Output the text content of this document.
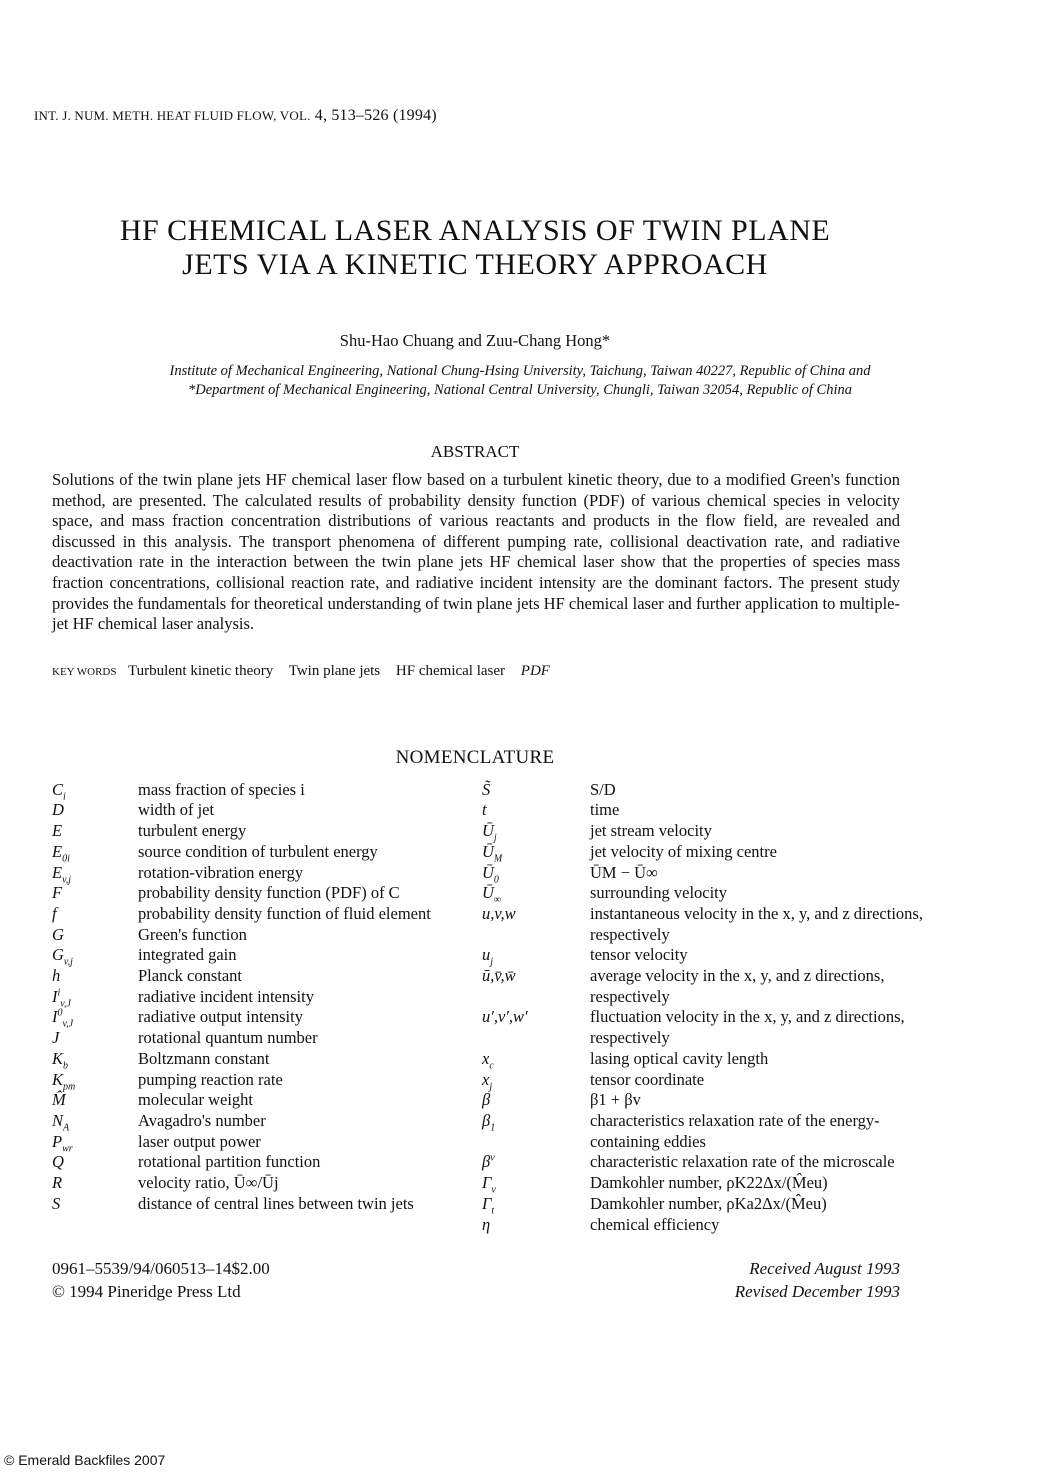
INT. J. NUM. METH. HEAT FLUID FLOW, VOL. 4, 513–526 (1994)
HF CHEMICAL LASER ANALYSIS OF TWIN PLANE
JETS VIA A KINETIC THEORY APPROACH
Shu-Hao Chuang and Zuu-Chang Hong*
Institute of Mechanical Engineering, National Chung-Hsing University, Taichung, Taiwan 40227, Republic of China and
*Department of Mechanical Engineering, National Central University, Chungli, Taiwan 32054, Republic of China
ABSTRACT
Solutions of the twin plane jets HF chemical laser flow based on a turbulent kinetic theory, due to a modified Green's function method, are presented. The calculated results of probability density function (PDF) of various chemical species in velocity space, and mass fraction concentration distributions of various reactants and products in the flow field, are revealed and discussed in this analysis. The transport phenomena of different pumping rate, collisional deactivation rate, and radiative deactivation rate in the interaction between the twin plane jets HF chemical laser show that the properties of species mass fraction concentrations, collisional reaction rate, and radiative incident intensity are the dominant factors. The present study provides the fundamentals for theoretical understanding of twin plane jets HF chemical laser and further application to multiple-jet HF chemical laser analysis.
KEY WORDS Turbulent kinetic theory Twin plane jets HF chemical laser PDF
NOMENCLATURE
$C_i$	mass fraction of species i
D	width of jet
E	turbulent energy
$E_{0i}$	source condition of turbulent energy
$E_{v,j}$	rotation-vibration energy
F	probability density function (PDF) of C
f	probability density function of fluid element
G	Green's function
$G_{v,j}$	integrated gain
h	Planck constant
$I^i_{v,J}$	radiative incident intensity
$I^0_{v,J}$	radiative output intensity
J	rotational quantum number
$K_b$	Boltzmann constant
$K_{pm}$	pumping reaction rate
M̂	molecular weight
$N_A$	Avagadro's number
$P_{wr}$	laser output power
Q	rotational partition function
R	velocity ratio, Ū∞/Ūj
S	distance of central lines between twin jets
S̃	S/D
t	time
$Ū_j$	jet stream velocity
$Ū_M$	jet velocity of mixing centre
$Ū_0$	ŪM − Ū∞
$Ū_\infty$	surrounding velocity
u,v,w	instantaneous velocity in the x, y, and z directions, respectively
$u_j$	tensor velocity
ū,v̄,w̄	average velocity in the x, y, and z directions, respectively
u′,v′,w′	fluctuation velocity in the x, y, and z directions, respectively
$x_c$	lasing optical cavity length
$x_j$	tensor coordinate
β	β1 + βv
$\beta_1$	characteristics relaxation rate of the energy-containing eddies
$\beta^v$	characteristic relaxation rate of the microscale
$\Gamma_v$	Damkohler number, ρK22Δx/(M̂eu)
$\Gamma_t$	Damkohler number, ρKa2Δx/(M̂eu)
η	chemical efficiency
0961–5539/94/060513–14$2.00
© 1994 Pineridge Press Ltd
Received August 1993
Revised December 1993
© Emerald Backfiles 2007
